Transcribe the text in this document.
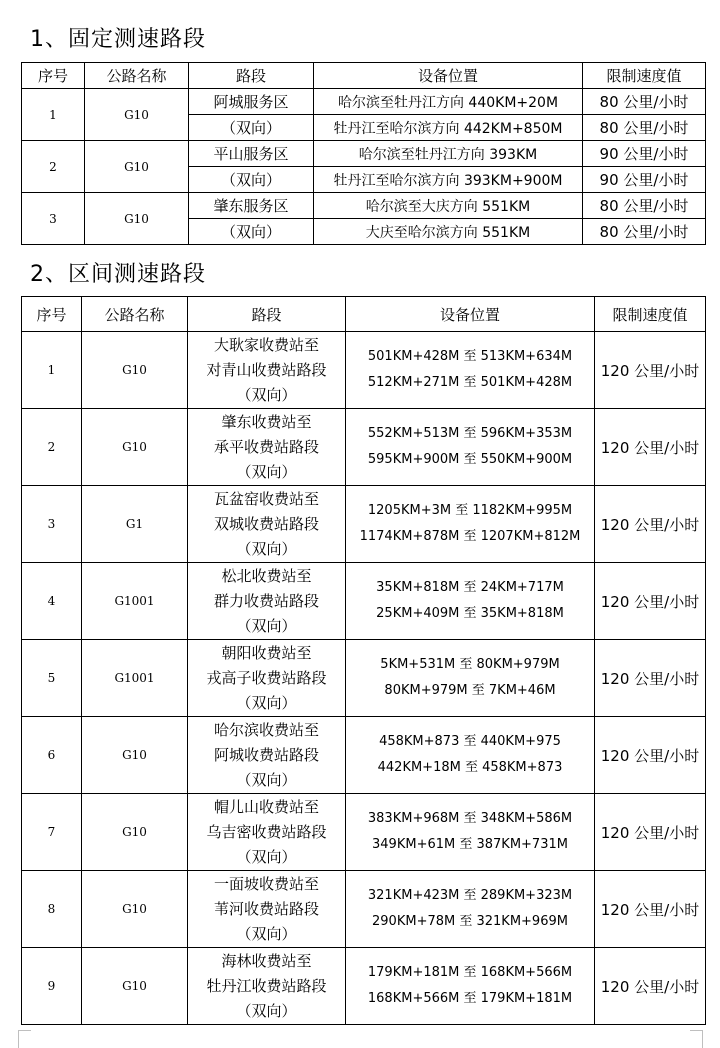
1、固定测速路段
序号	公路名称	路段	设备位置	限制速度值
1	G10	阿城服务区	哈尔滨至牡丹江方向 440KM+20M	80 公里/小时
		（双向）	牡丹江至哈尔滨方向 442KM+850M	80 公里/小时
2	G10	平山服务区	哈尔滨至牡丹江方向 393KM	90 公里/小时
		（双向）	牡丹江至哈尔滨方向 393KM+900M	90 公里/小时
3	G10	肇东服务区	哈尔滨至大庆方向 551KM	80 公里/小时
		（双向）	大庆至哈尔滨方向 551KM	80 公里/小时
2、区间测速路段
序号	公路名称	路段	设备位置	限制速度值
1	G10	大耿家收费站至
对青山收费站路段
（双向）	501KM+428M 至 513KM+634M
512KM+271M 至 501KM+428M	120 公里/小时
2	G10	肇东收费站至
承平收费站路段
（双向）	552KM+513M 至 596KM+353M
595KM+900M 至 550KM+900M	120 公里/小时
3	G1	瓦盆窑收费站至
双城收费站路段
（双向）	1205KM+3M 至 1182KM+995M
1174KM+878M 至 1207KM+812M	120 公里/小时
4	G1001	松北收费站至
群力收费站路段
（双向）	35KM+818M 至 24KM+717M
25KM+409M 至 35KM+818M	120 公里/小时
5	G1001	朝阳收费站至
戎高子收费站路段
（双向）	5KM+531M 至 80KM+979M
80KM+979M 至 7KM+46M	120 公里/小时
6	G10	哈尔滨收费站至
阿城收费站路段
（双向）	458KM+873 至 440KM+975
442KM+18M 至 458KM+873	120 公里/小时
7	G10	帽儿山收费站至
乌吉密收费站路段
（双向）	383KM+968M 至 348KM+586M
349KM+61M 至 387KM+731M	120 公里/小时
8	G10	一面坡收费站至
苇河收费站路段
（双向）	321KM+423M 至 289KM+323M
290KM+78M 至 321KM+969M	120 公里/小时
9	G10	海林收费站至
牡丹江收费站路段
（双向）	179KM+181M 至 168KM+566M
168KM+566M 至 179KM+181M	120 公里/小时
